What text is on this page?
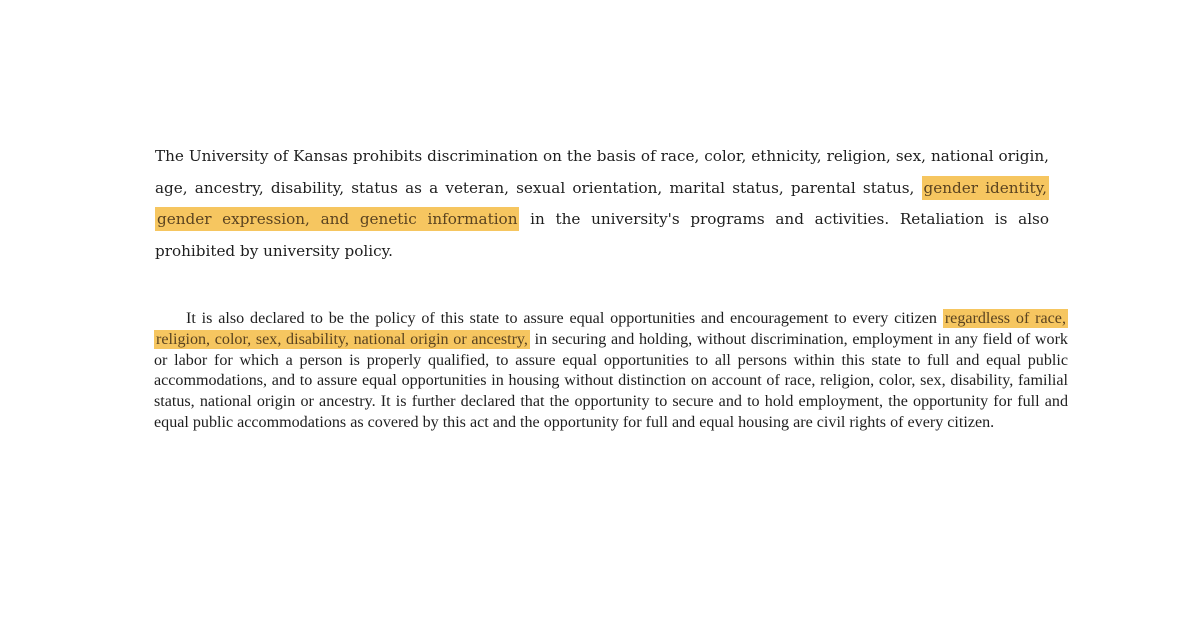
The University of Kansas prohibits discrimination on the basis of race, color, ethnicity, religion, sex, national origin, age, ancestry, disability, status as a veteran, sexual orientation, marital status, parental status, gender identity, gender expression, and genetic information in the university's programs and activities. Retaliation is also prohibited by university policy.
It is also declared to be the policy of this state to assure equal opportunities and encouragement to every citizen regardless of race, religion, color, sex, disability, national origin or ancestry, in securing and holding, without discrimination, employment in any field of work or labor for which a person is properly qualified, to assure equal opportunities to all persons within this state to full and equal public accommodations, and to assure equal opportunities in housing without distinction on account of race, religion, color, sex, disability, familial status, national origin or ancestry. It is further declared that the opportunity to secure and to hold employment, the opportunity for full and equal public accommodations as covered by this act and the opportunity for full and equal housing are civil rights of every citizen.
